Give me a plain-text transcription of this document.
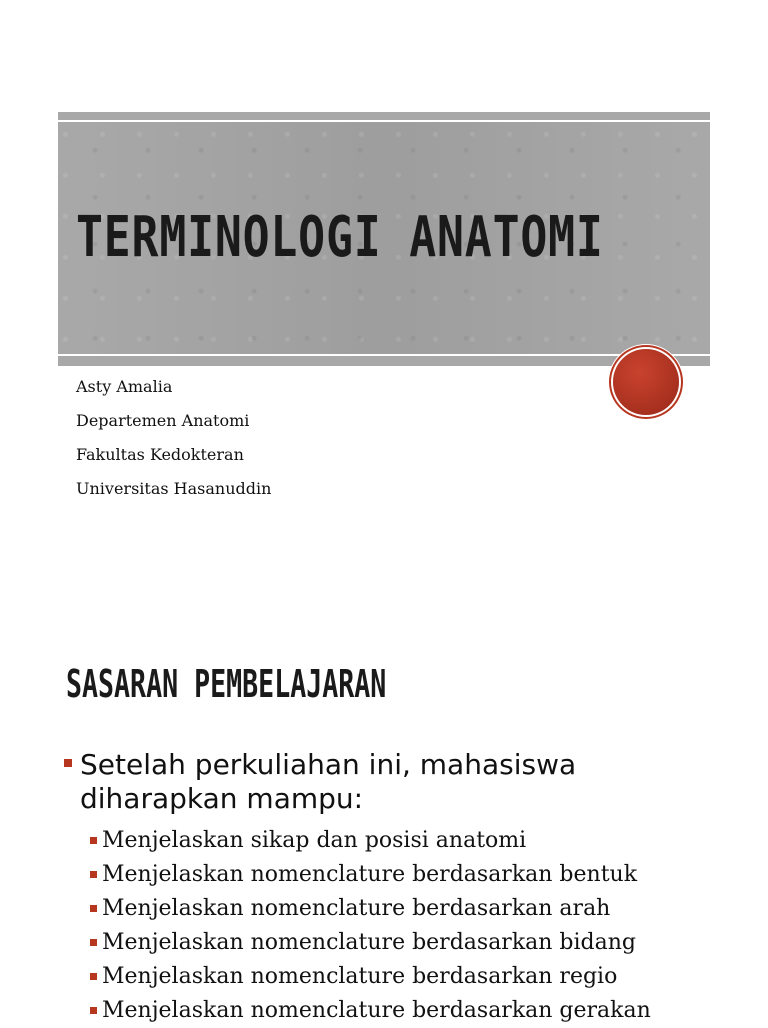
TERMINOLOGI ANATOMI
Asty Amalia
Departemen Anatomi
Fakultas Kedokteran
Universitas Hasanuddin
SASARAN PEMBELAJARAN
Setelah perkuliahan ini, mahasiswa diharapkan mampu:
Menjelaskan sikap dan posisi anatomi
Menjelaskan nomenclature berdasarkan bentuk
Menjelaskan nomenclature berdasarkan arah
Menjelaskan nomenclature berdasarkan bidang
Menjelaskan nomenclature berdasarkan regio
Menjelaskan nomenclature berdasarkan gerakan
